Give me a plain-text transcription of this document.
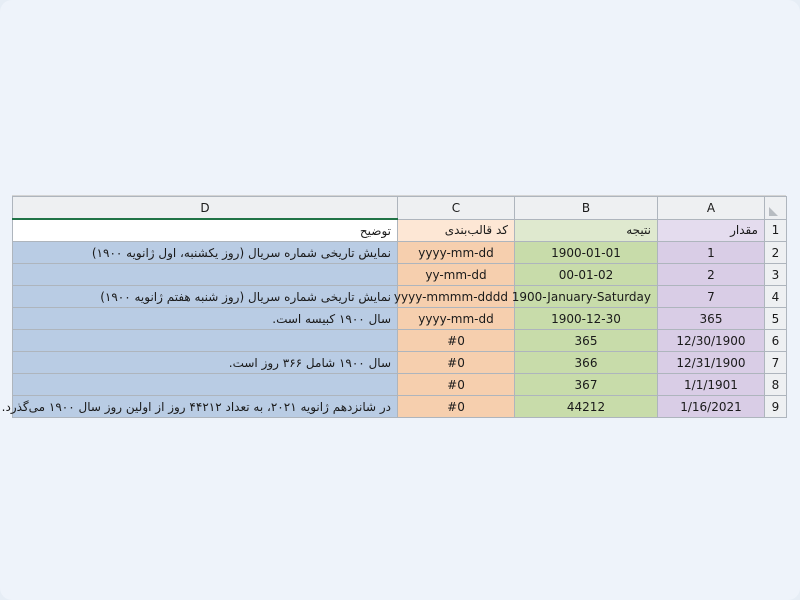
	A	B	C	D
1	مقدار	نتیجه	کد قالب‌بندی	توضیح
2	1	1900-01-01	yyyy-mm-dd	نمایش تاریخی شماره سریال (روز یکشنبه، اول ژانویه ۱۹۰۰)
3	2	00-01-02	yy-mm-dd	
4	7	1900-January-Saturday	yyyy-mmmm-dddd	نمایش تاریخی شماره سریال (روز شنبه هفتم ژانویه ۱۹۰۰)
5	365	1900-12-30	yyyy-mm-dd	سال ۱۹۰۰ کبیسه است.
6	12/30/1900	365	#0	
7	12/31/1900	366	#0	سال ۱۹۰۰ شامل ۳۶۶ روز است.
8	1/1/1901	367	#0	
9	1/16/2021	44212	#0	در شانزدهم ژانویه ۲۰۲۱، به تعداد ۴۴۲۱۲ روز از اولین روز سال ۱۹۰۰ می‌گذرد.
